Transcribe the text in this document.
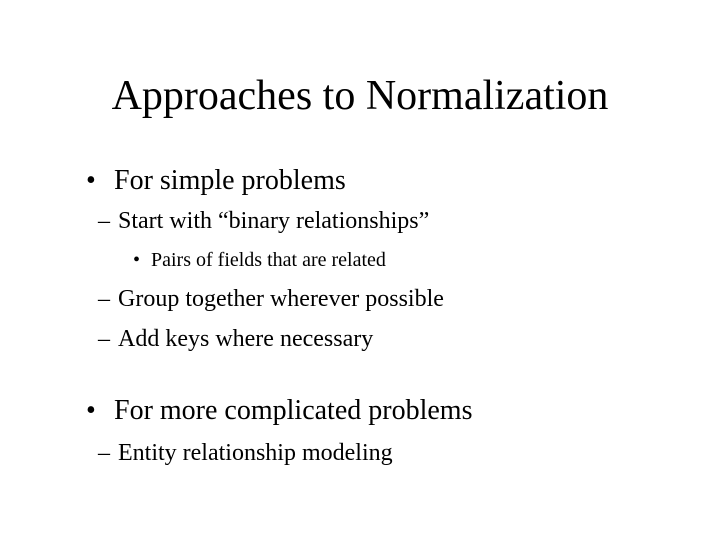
Approaches to Normalization
• For simple problems
– Start with “binary relationships”
• Pairs of fields that are related
– Group together wherever possible
– Add keys where necessary
• For more complicated problems
– Entity relationship modeling
